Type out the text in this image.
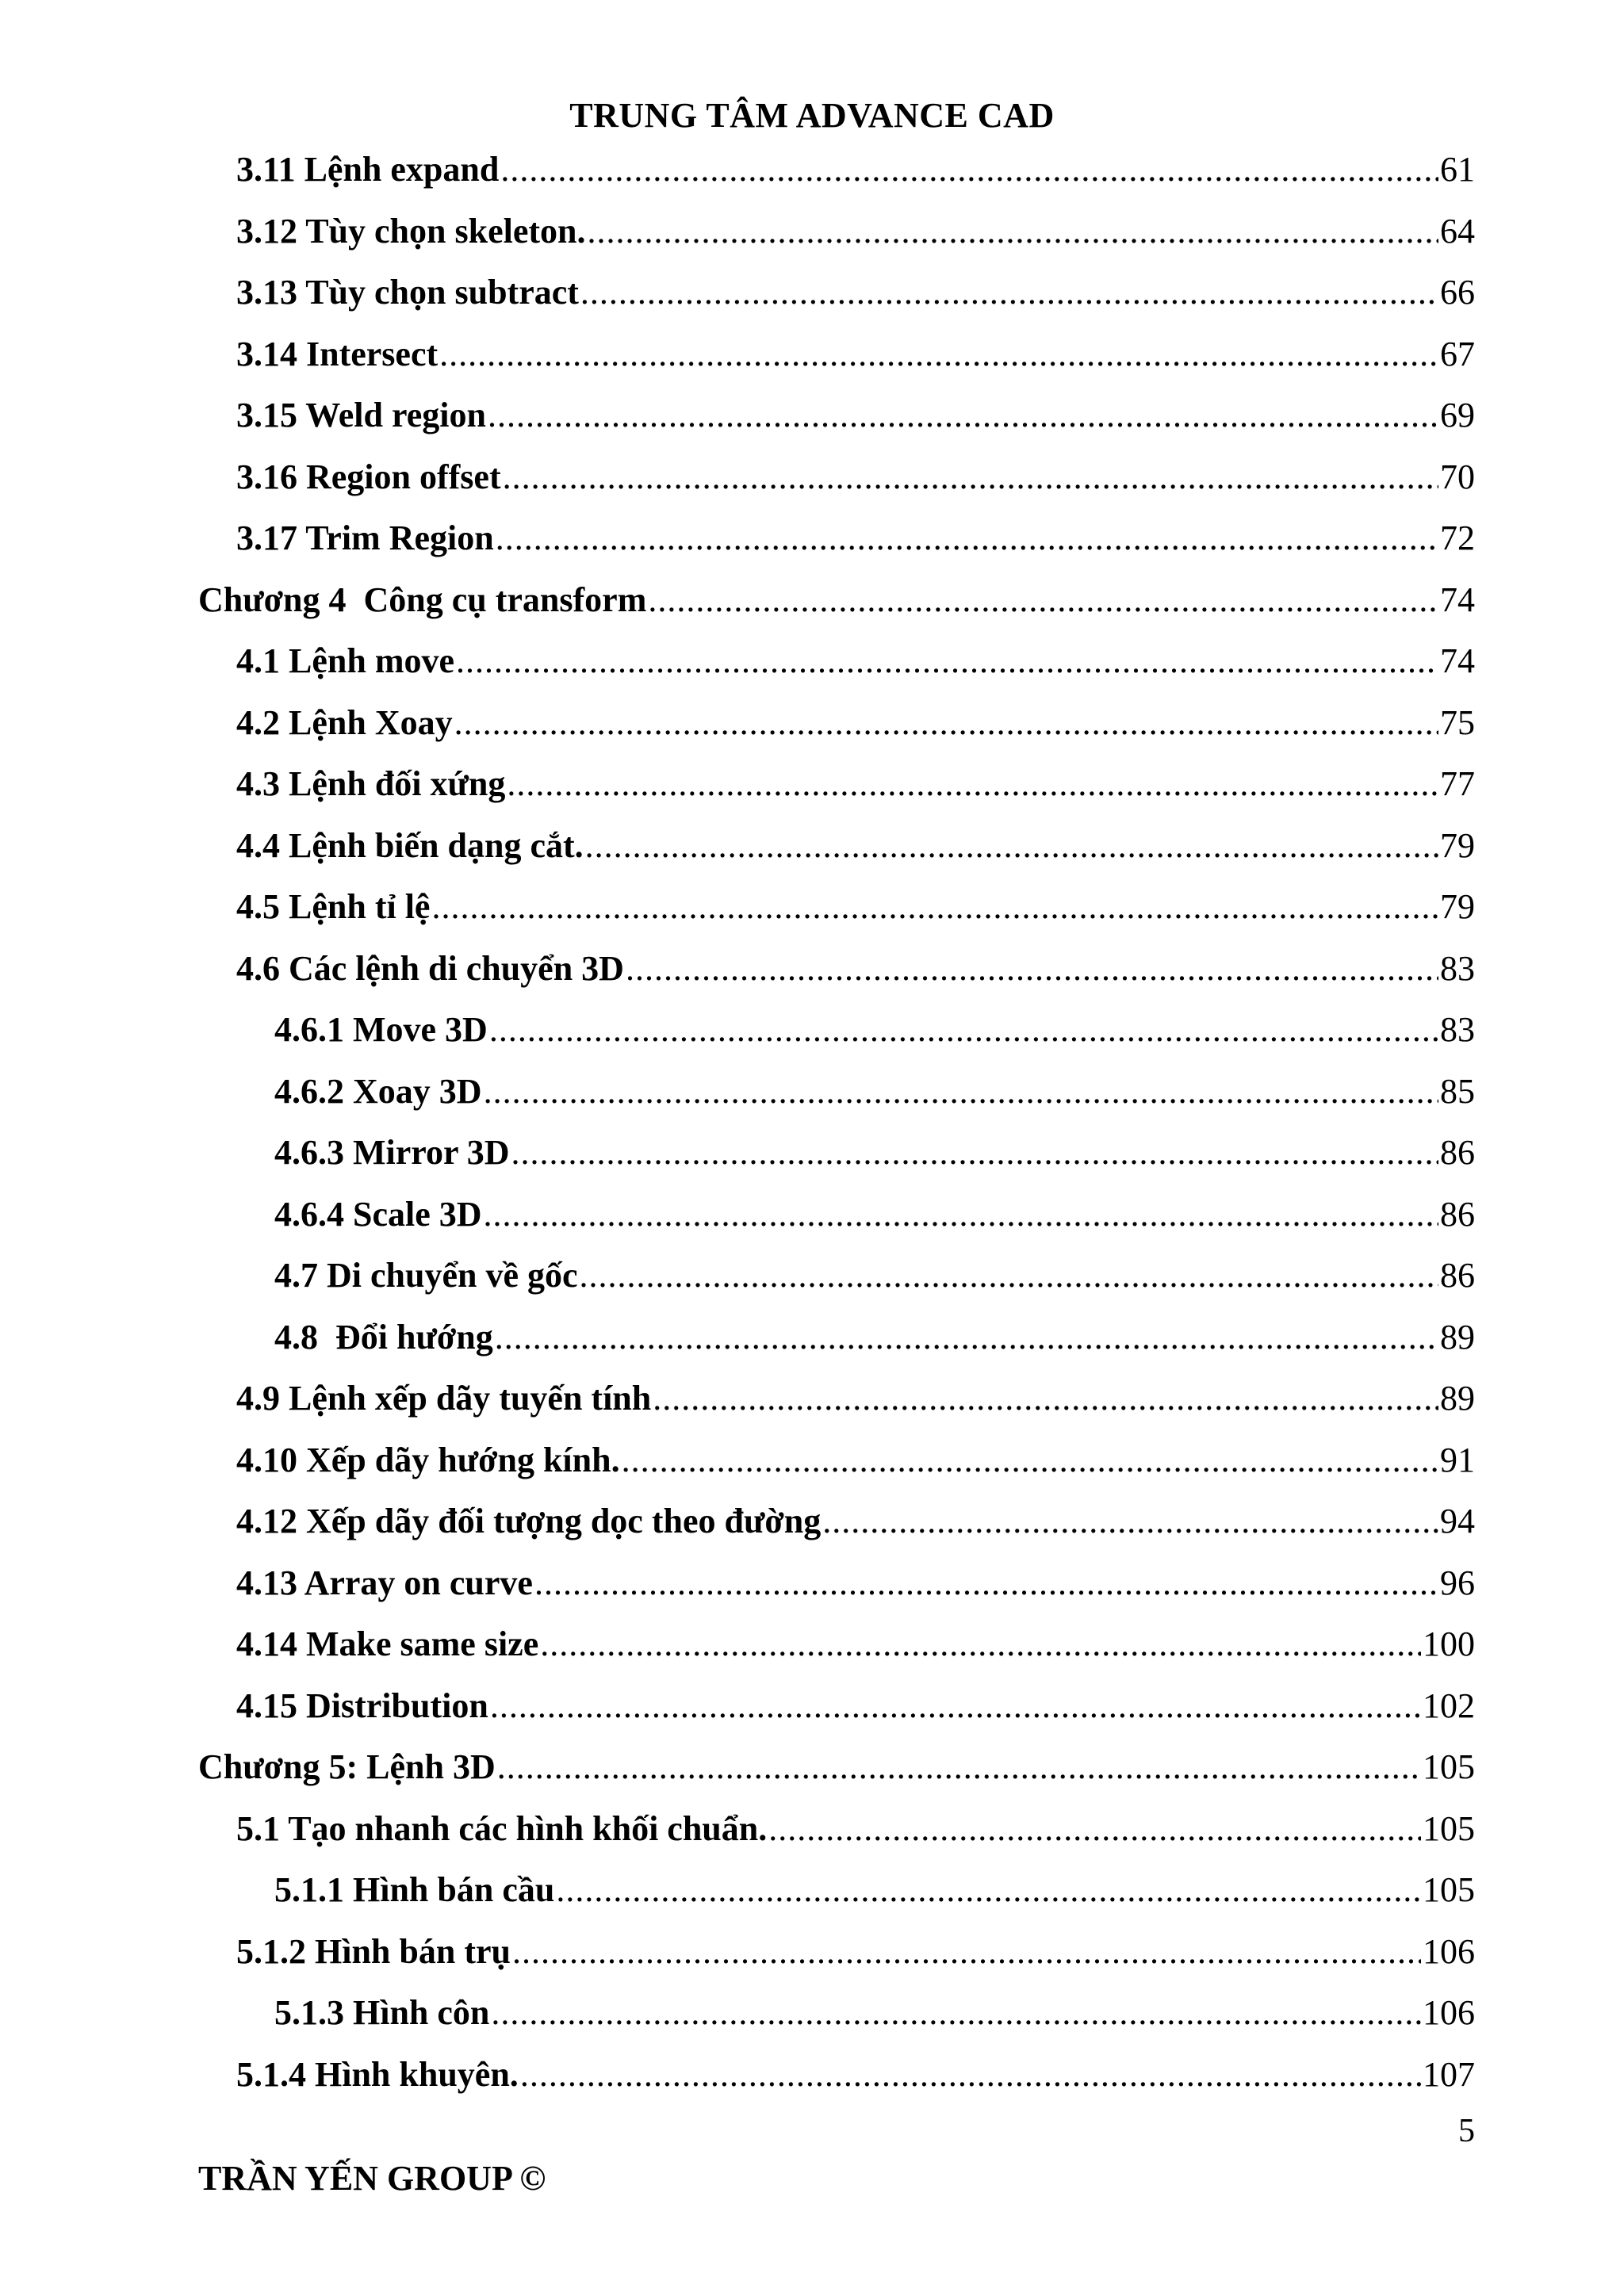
TRUNG TÂM ADVANCE CAD
3.11 Lệnh expand .....	61
3.12 Tùy chọn skeleton. .....	64
3.13 Tùy chọn subtract .....	66
3.14 Intersect .....	67
3.15 Weld region .....	69
3.16 Region offset .....	70
3.17 Trim Region .....	72
Chương 4  Công cụ transform .....	74
4.1 Lệnh move .....	74
4.2 Lệnh Xoay .....	75
4.3 Lệnh đối xứng .....	77
4.4 Lệnh biến dạng cắt. .....	79
4.5 Lệnh tỉ lệ .....	79
4.6 Các lệnh di chuyển 3D .....	83
4.6.1 Move 3D .....	83
4.6.2 Xoay 3D .....	85
4.6.3 Mirror 3D .....	86
4.6.4 Scale 3D .....	86
4.7 Di chuyển về gốc .....	86
4.8  Đổi hướng .....	89
4.9 Lệnh xếp dãy tuyến tính .....	89
4.10 Xếp dãy hướng kính. .....	91
4.12 Xếp dãy đối tượng dọc theo đường .....	94
4.13 Array on curve .....	96
4.14 Make same size .....	100
4.15 Distribution .....	102
Chương 5: Lệnh 3D .....	105
5.1 Tạo nhanh các hình khối chuẩn. .....	105
5.1.1 Hình bán cầu .....	105
5.1.2 Hình bán trụ .....	106
5.1.3 Hình côn .....	106
5.1.4 Hình khuyên. .....	107
5
TRẦN YẾN GROUP ©
